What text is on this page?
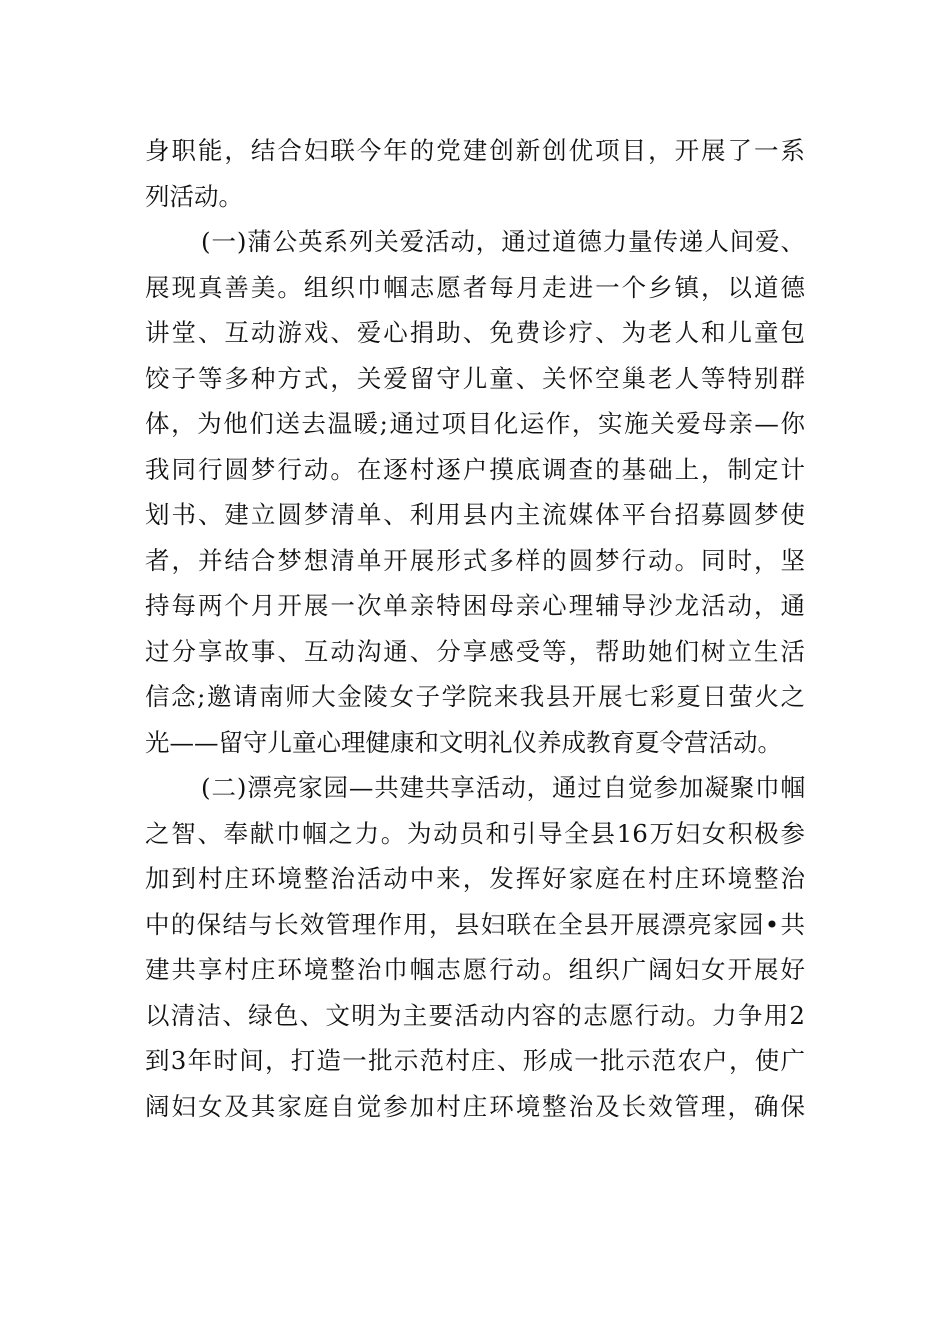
身职能，结合妇联今年的党建创新创优项目，开展了一系
列活动。
(一)蒲公英系列关爱活动，通过道德力量传递人间爱、
展现真善美。组织巾帼志愿者每月走进一个乡镇，以道德
讲堂、互动游戏、爱心捐助、免费诊疗、为老人和儿童包
饺子等多种方式，关爱留守儿童、关怀空巢老人等特别群
体，为他们送去温暖;通过项目化运作，实施关爱母亲—你
我同行圆梦行动。在逐村逐户摸底调查的基础上，制定计
划书、建立圆梦清单、利用县内主流媒体平台招募圆梦使
者，并结合梦想清单开展形式多样的圆梦行动。同时，坚
持每两个月开展一次单亲特困母亲心理辅导沙龙活动，通
过分享故事、互动沟通、分享感受等，帮助她们树立生活
信念;邀请南师大金陵女子学院来我县开展七彩夏日萤火之
光——留守儿童心理健康和文明礼仪养成教育夏令营活动。
(二)漂亮家园—共建共享活动，通过自觉参加凝聚巾帼
之智、奉献巾帼之力。为动员和引导全县16万妇女积极参
加到村庄环境整治活动中来，发挥好家庭在村庄环境整治
中的保结与长效管理作用，县妇联在全县开展漂亮家园•共
建共享村庄环境整治巾帼志愿行动。组织广阔妇女开展好
以清洁、绿色、文明为主要活动内容的志愿行动。力争用2
到3年时间，打造一批示范村庄、形成一批示范农户，使广
阔妇女及其家庭自觉参加村庄环境整治及长效管理，确保
